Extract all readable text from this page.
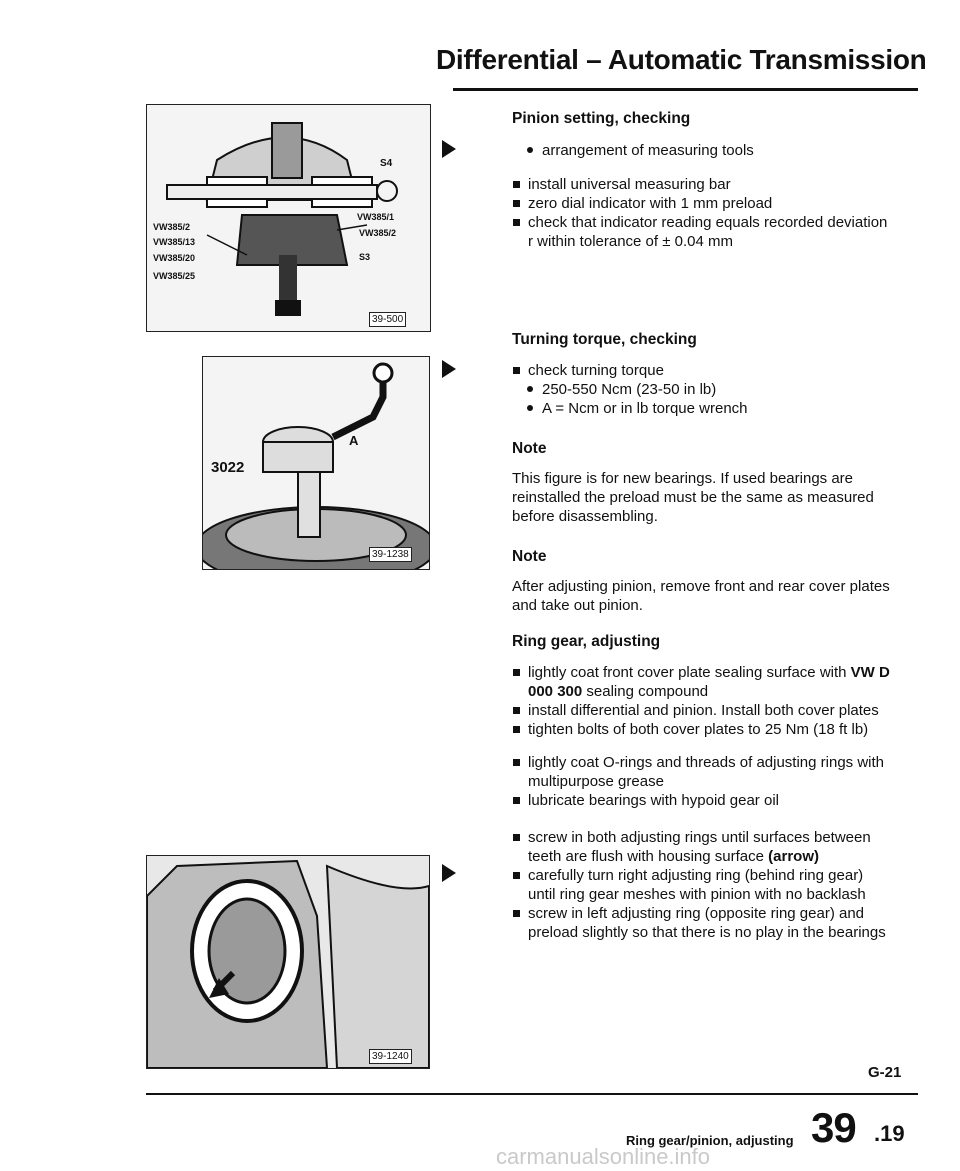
Differential – Automatic Transmission
S4
VW385/1
VW385/2
S3
VW385/2
VW385/13
VW385/20
VW385/25
39-500
3022
A
39-1238
39-1240
Pinion setting, checking

arrangement of measuring tools

install universal measuring bar

zero dial indicator with 1 mm preload

check that indicator reading equals recorded deviation r within tolerance of ± 0.04 mm

Turning torque, checking

check turning torque

250-550 Ncm (23-50 in lb)

A = Ncm or in lb torque wrench

Note

This figure is for new bearings. If used bearings are reinstalled the preload must be the same as measured before disassembling.

Note

After adjusting pinion, remove front and rear cover plates and take out pinion.

Ring gear, adjusting

lightly coat front cover plate sealing surface with VW D 000 300 sealing compound

install differential and pinion. Install both cover plates

tighten bolts of both cover plates to 25 Nm (18 ft lb)

lightly coat O-rings and threads of adjusting rings with multipurpose grease

lubricate bearings with hypoid gear oil

screw in both adjusting rings until surfaces between teeth are flush with housing surface (arrow)

carefully turn right adjusting ring (behind ring gear) until ring gear meshes with pinion with no backlash

screw in left adjusting ring (opposite ring gear) and preload slightly so that there is no play in the bearings

G-21
Ring gear/pinion, adjusting 39 .19
carmanualsonline.info
